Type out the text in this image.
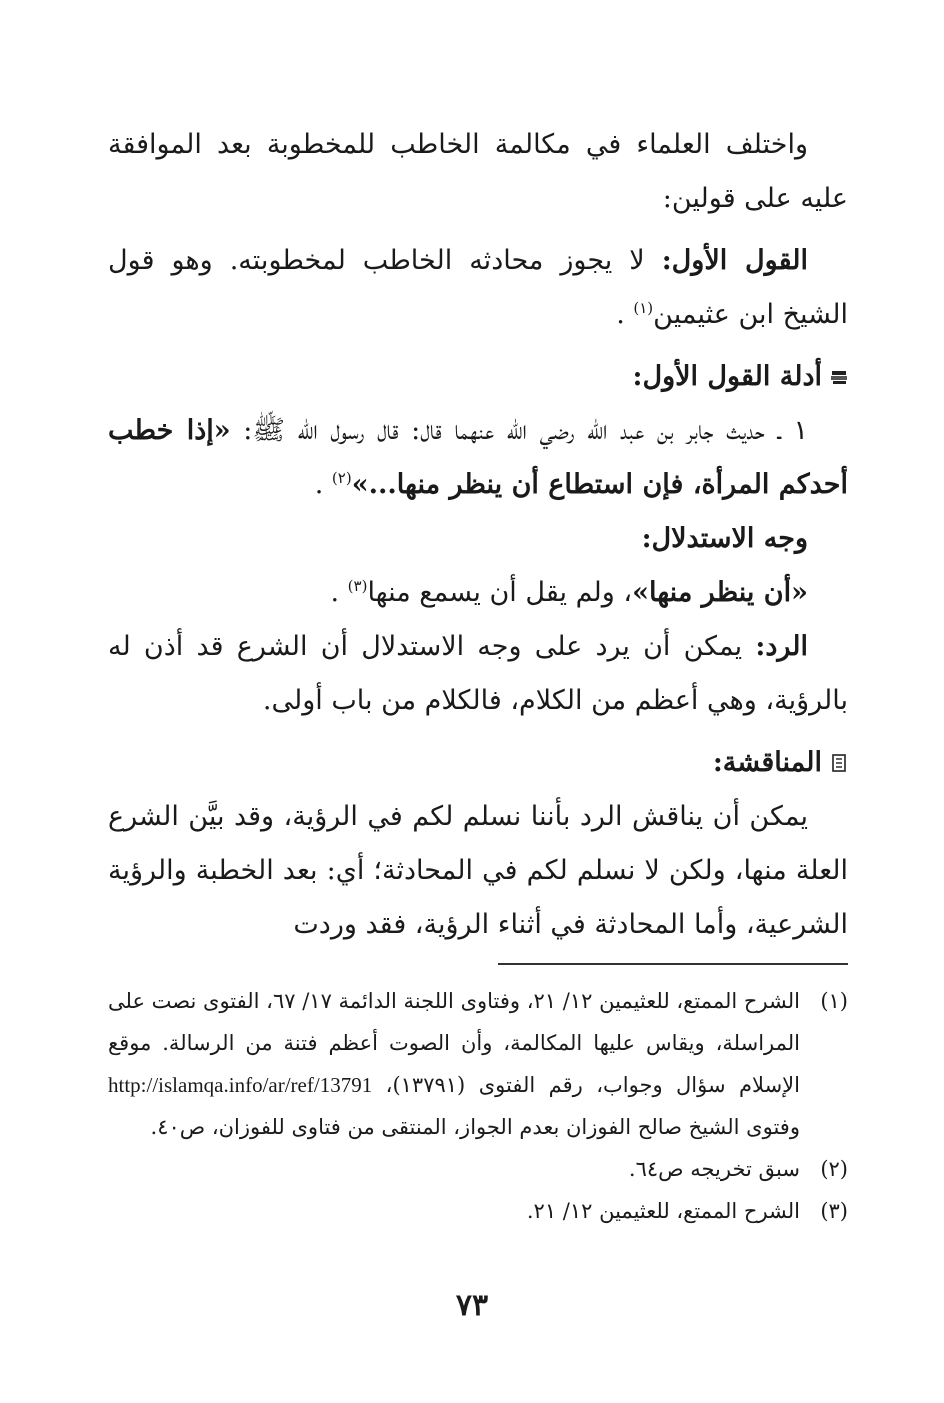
واختلف العلماء في مكالمة الخاطب للمخطوبة بعد الموافقة عليه على قولين:

القول الأول: لا يجوز محادثه الخاطب لمخطوبته. وهو قول الشيخ ابن عثيمين$^{(١)}$ .

أدلة القول الأول:

١ ـ حديث جابر بن عبد الله رضي الله عنهما قال: قال رسول الله ﷺ: «إذا خطب أحدكم المرأة، فإن استطاع أن ينظر منها...»$^{(٢)}$ .

وجه الاستدلال:

«أن ينظر منها»، ولم يقل أن يسمع منها$^{(٣)}$ .

الرد: يمكن أن يرد على وجه الاستدلال أن الشرع قد أذن له بالرؤية، وهي أعظم من الكلام، فالكلام من باب أولى.

المناقشة:

يمكن أن يناقش الرد بأننا نسلم لكم في الرؤية، وقد بيَّن الشرع العلة منها، ولكن لا نسلم لكم في المحادثة؛ أي: بعد الخطبة والرؤية الشرعية، وأما المحادثة في أثناء الرؤية، فقد وردت

(١)
الشرح الممتع، للعثيمين ١٢/ ٢١، وفتاوى اللجنة الدائمة ١٧/ ٦٧، الفتوى نصت على المراسلة، ويقاس عليها المكالمة، وأن الصوت أعظم فتنة من الرسالة. موقع الإسلام سؤال وجواب، رقم الفتوى (١٣٧٩١)، http://islamqa.info/ar/ref/13791 وفتوى الشيخ صالح الفوزان بعدم الجواز، المنتقى من فتاوى للفوزان، ص٤٠.
(٢)
سبق تخريجه ص٦٤.
(٣)
الشرح الممتع، للعثيمين ١٢/ ٢١.
٧٣
